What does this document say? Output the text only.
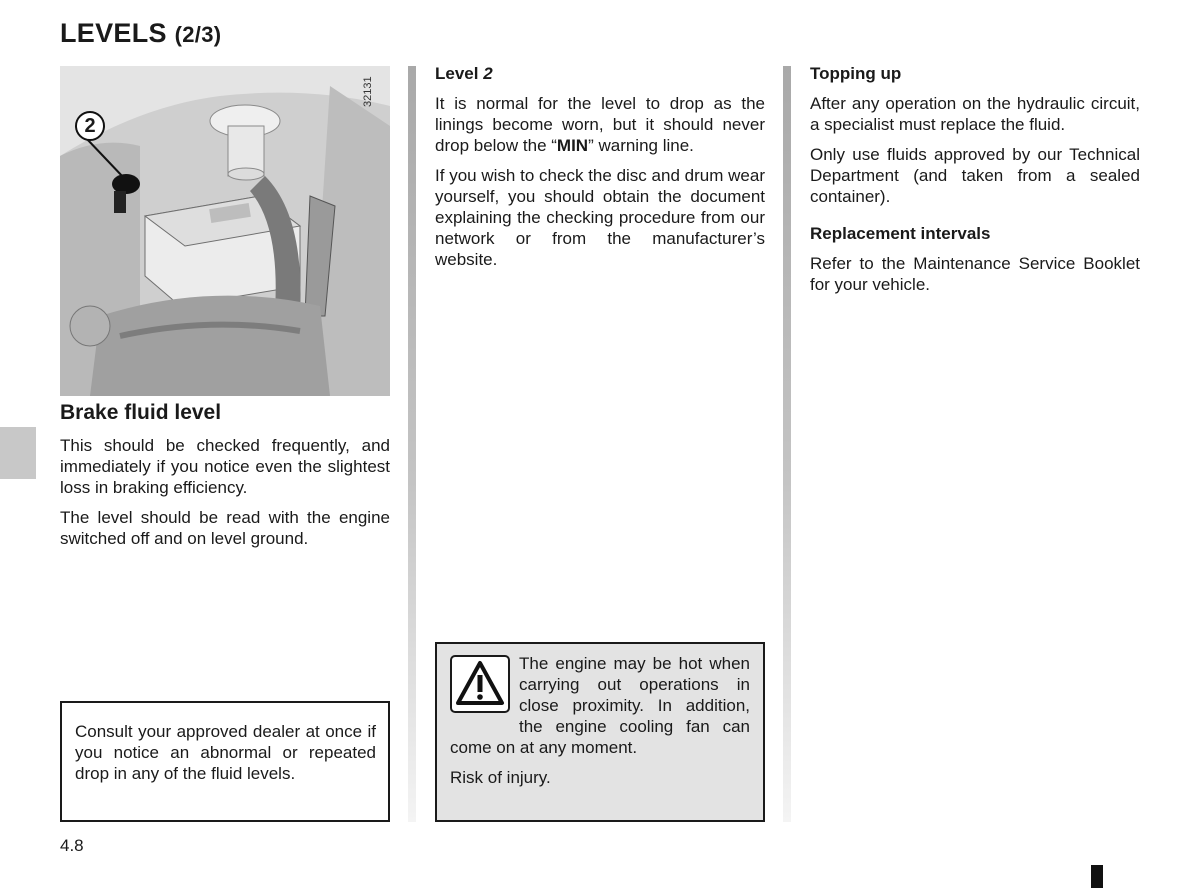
LEVELS (2/3)
32131
2
Brake fluid level

This should be checked frequently, and immediately if you notice even the slightest loss in braking efficiency.

The level should be read with the engine switched off and on level ground.

Consult your approved dealer at once if you notice an abnormal or repeated drop in any of the fluid levels.
Level 2

It is normal for the level to drop as the linings become worn, but it should never drop below the “MIN” warning line.

If you wish to check the disc and drum wear yourself, you should obtain the document explaining the checking procedure from our network or from the manufacturer’s website.

The engine may be hot when carrying out operations in close proximity. In addition, the engine cooling fan can come on at any moment.

Risk of injury.

Topping up

After any operation on the hydraulic circuit, a specialist must replace the fluid.

Only use fluids approved by our Technical Department (and taken from a sealed container).

Replacement intervals

Refer to the Maintenance Service Booklet for your vehicle.

4.8
